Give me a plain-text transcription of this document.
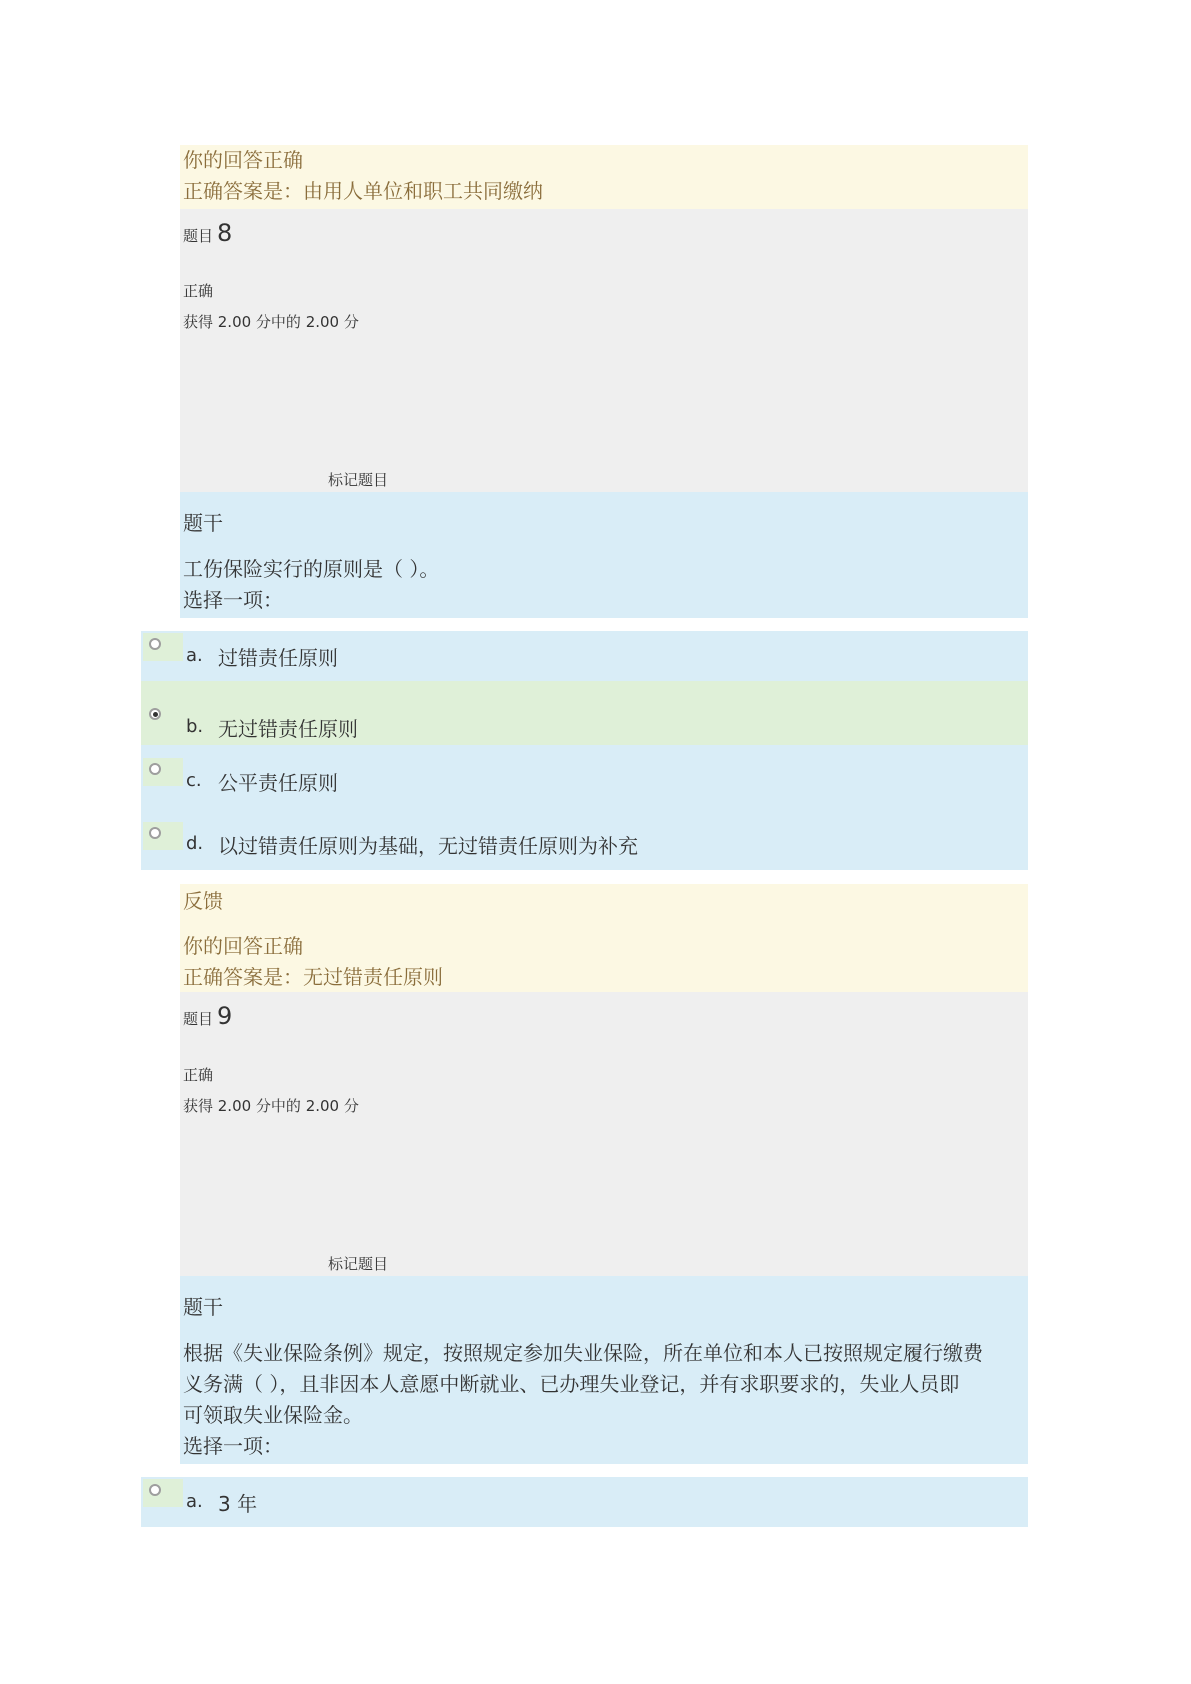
你的回答正确
正确答案是：由用人单位和职工共同缴纳
题目 8
正确
获得 2.00 分中的 2.00 分
标记题目
题干
工伤保险实行的原则是（ ）。
选择一项：
a. 过错责任原则
b. 无过错责任原则
c. 公平责任原则
d. 以过错责任原则为基础，无过错责任原则为补充
反馈
你的回答正确
正确答案是：无过错责任原则
题目 9
正确
获得 2.00 分中的 2.00 分
标记题目
题干
根据《失业保险条例》规定，按照规定参加失业保险，所在单位和本人已按照规定履行缴费
义务满（ ），且非因本人意愿中断就业、已办理失业登记，并有求职要求的，失业人员即
可领取失业保险金。
选择一项：
a. 3 年
